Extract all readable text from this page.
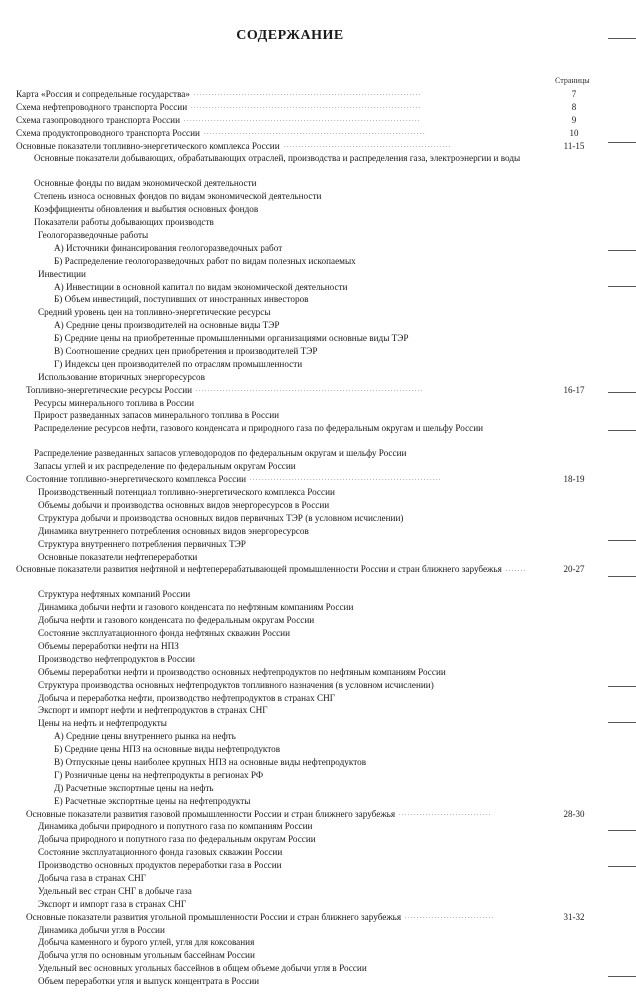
СОДЕРЖАНИЕ
Страницы
Карта «Россия и сопредельные государства» ............................................................................	7
Схема нефтепроводного транспорта России .............................................................................	8
Схема газопроводного транспорта России ...............................................................................	9
Схема продуктопроводного транспорта России ..........................................................................	10
Основные показатели топливно-энергетического комплекса России ........................................................	11-15
Основные показатели добывающих, обрабатывающих отраслей, производства и распределения газа, электроэнергии и воды
Основные фонды по видам экономической деятельности
Степень износа основных фондов по видам экономической деятельности
Коэффициенты обновления и выбытия основных фондов
Показатели работы добывающих производств
Геологоразведочные работы
А) Источники финансирования геологоразведочных работ
Б) Распределение геологоразведочных работ по видам полезных ископаемых
Инвестиции
А) Инвестиции в основной капитал по видам экономической деятельности
Б) Объем инвестиций, поступивших от иностранных инвесторов
Средний уровень цен на топливно-энергетические ресурсы
А) Средние цены производителей на основные виды ТЭР
Б) Средние цены на приобретенные промышленными организациями основные виды ТЭР
В) Соотношение средних цен приобретения и производителей ТЭР
Г) Индексы цен производителей по отраслям промышленности
Использование вторичных энергоресурсов
Топливно-энергетические ресурсы России ............................................................................	16-17
Ресурсы минерального топлива в России
Прирост разведанных запасов минерального топлива в России
Распределение ресурсов нефти, газового конденсата и природного газа по федеральным округам и шельфу России
Распределение разведанных запасов углеводородов по федеральным округам и шельфу России
Запасы углей и их распределение по федеральным округам России
Состояние топливно-энергетического комплекса России ................................................................	18-19
Производственный потенциал топливно-энергетического комплекса России
Объемы добычи и производства основных видов энергоресурсов в России
Структура добычи и производства основных видов первичных ТЭР (в условном исчислении)
Динамика внутреннего потребления основных видов энергоресурсов
Структура внутреннего потребления первичных ТЭР
Основные показатели нефтепереработки
Основные показатели развития нефтяной и нефтеперерабатывающей промышленности России и стран ближнего зарубежья .......	20-27
Структура нефтяных компаний России
Динамика добычи нефти и газового конденсата по нефтяным компаниям России
Добыча нефти и газового конденсата по федеральным округам России
Состояние эксплуатационного фонда нефтяных скважин России
Объемы переработки нефти на НПЗ
Производство нефтепродуктов в России
Объемы переработки нефти и производство основных нефтепродуктов по нефтяным компаниям России
Структура производства основных нефтепродуктов топливного назначения (в условном исчислении)
Добыча и переработка нефти, производство нефтепродуктов в странах СНГ
Экспорт и импорт нефти и нефтепродуктов в странах СНГ
Цены на нефть и нефтепродукты
А) Средние цены внутреннего рынка на нефть
Б) Средние цены НПЗ на основные виды нефтепродуктов
В) Отпускные цены наиболее крупных НПЗ на основные виды нефтепродуктов
Г) Розничные цены на нефтепродукты в регионах РФ
Д) Расчетные экспортные цены на нефть
Е) Расчетные экспортные цены на нефтепродукты
Основные показатели развития газовой промышленности России и стран ближнего зарубежья ...............................	28-30
Динамика добычи природного и попутного газа по компаниям России
Добыча природного и попутного газа по федеральным округам России
Состояние эксплуатационного фонда газовых скважин России
Производство основных продуктов переработки газа в России
Добыча газа в странах СНГ
Удельный вес стран СНГ в добыче газа
Экспорт и импорт газа в странах СНГ
Основные показатели развития угольной промышленности России и стран ближнего зарубежья ..............................	31-32
Динамика добычи угля в России
Добыча каменного и бурого углей, угля для коксования
Добыча угля по основным угольным бассейнам России
Удельный вес основных угольных бассейнов в общем объеме добычи угля в России
Объем переработки угля и выпуск концентрата в России
